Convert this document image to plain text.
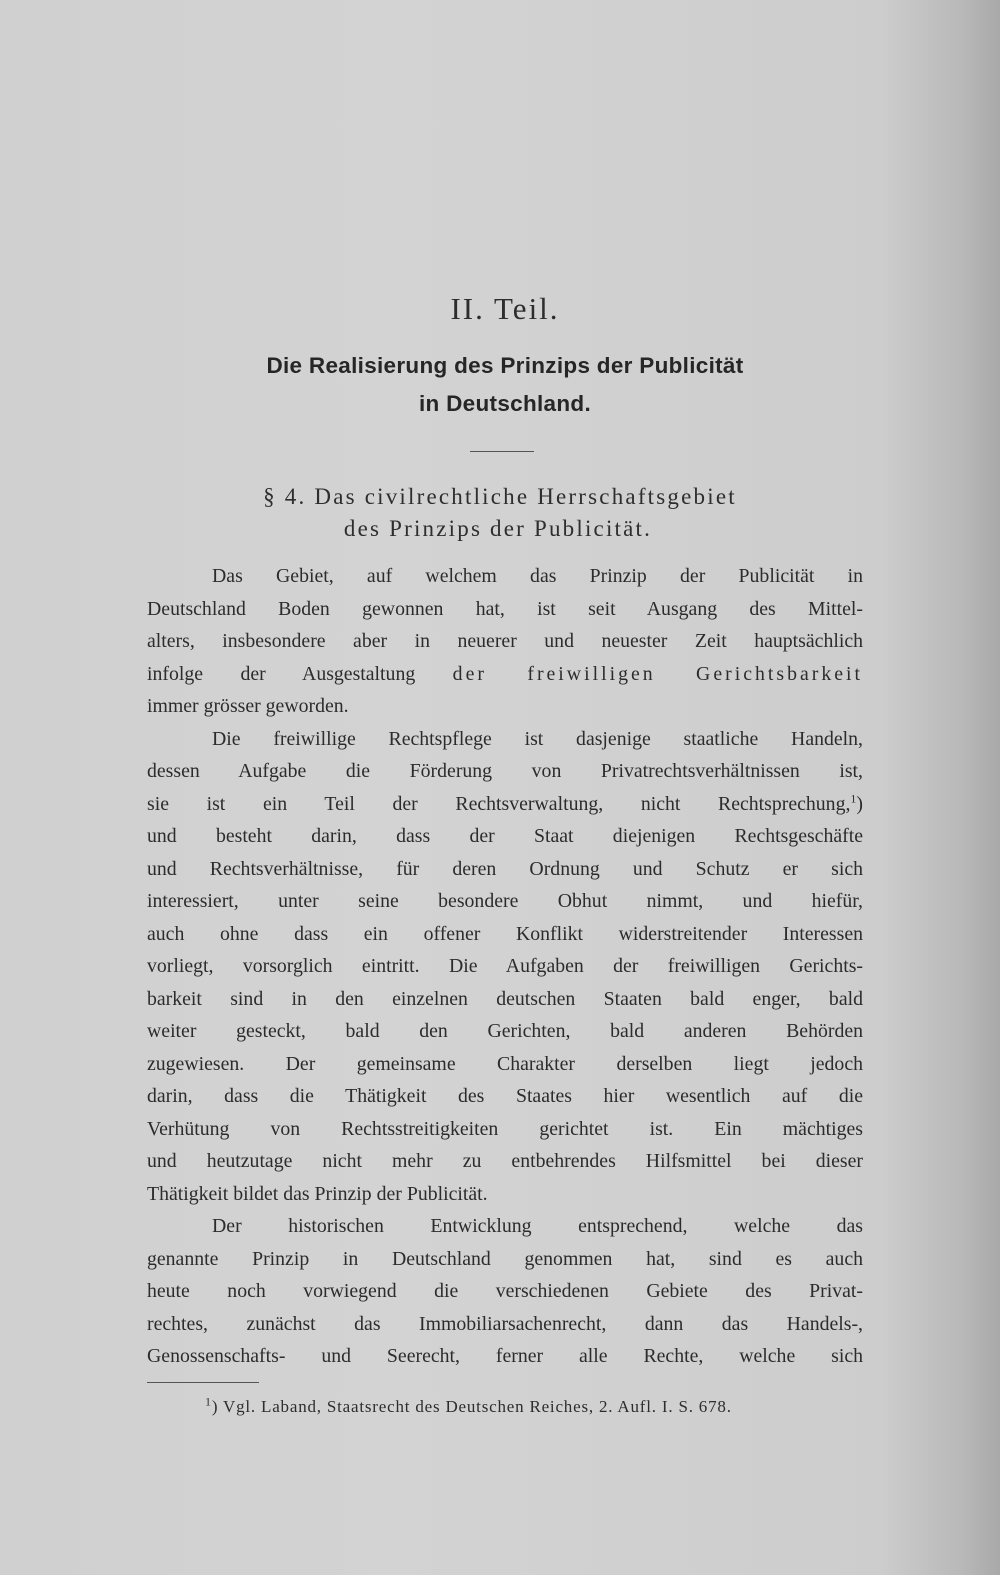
II. Teil.
Die Realisierung des Prinzips der Publicität
in Deutschland.
§ 4. Das civilrechtliche Herrschaftsgebiet
des Prinzips der Publicität.
Das Gebiet, auf welchem das Prinzip der Publicität in
Deutschland Boden gewonnen hat, ist seit Ausgang des Mittel-
alters, insbesondere aber in neuerer und neuester Zeit hauptsächlich
infolge der Ausgestaltung der freiwilligen Gerichtsbarkeit
immer grösser geworden.
Die freiwillige Rechtspflege ist dasjenige staatliche Handeln,
dessen Aufgabe die Förderung von Privatrechtsverhältnissen ist,
sie ist ein Teil der Rechtsverwaltung, nicht Rechtsprechung,$^1$)
und besteht darin, dass der Staat diejenigen Rechtsgeschäfte
und Rechtsverhältnisse, für deren Ordnung und Schutz er sich
interessiert, unter seine besondere Obhut nimmt, und hiefür,
auch ohne dass ein offener Konflikt widerstreitender Interessen
vorliegt, vorsorglich eintritt. Die Aufgaben der freiwilligen Gerichts-
barkeit sind in den einzelnen deutschen Staaten bald enger, bald
weiter gesteckt, bald den Gerichten, bald anderen Behörden
zugewiesen. Der gemeinsame Charakter derselben liegt jedoch
darin, dass die Thätigkeit des Staates hier wesentlich auf die
Verhütung von Rechtsstreitigkeiten gerichtet ist. Ein mächtiges
und heutzutage nicht mehr zu entbehrendes Hilfsmittel bei dieser
Thätigkeit bildet das Prinzip der Publicität.
Der historischen Entwicklung entsprechend, welche das
genannte Prinzip in Deutschland genommen hat, sind es auch
heute noch vorwiegend die verschiedenen Gebiete des Privat-
rechtes, zunächst das Immobiliarsachenrecht, dann das Handels-,
Genossenschafts- und Seerecht, ferner alle Rechte, welche sich
$^1$) Vgl. Laband, Staatsrecht des Deutschen Reiches, 2. Aufl. I. S. 678.
